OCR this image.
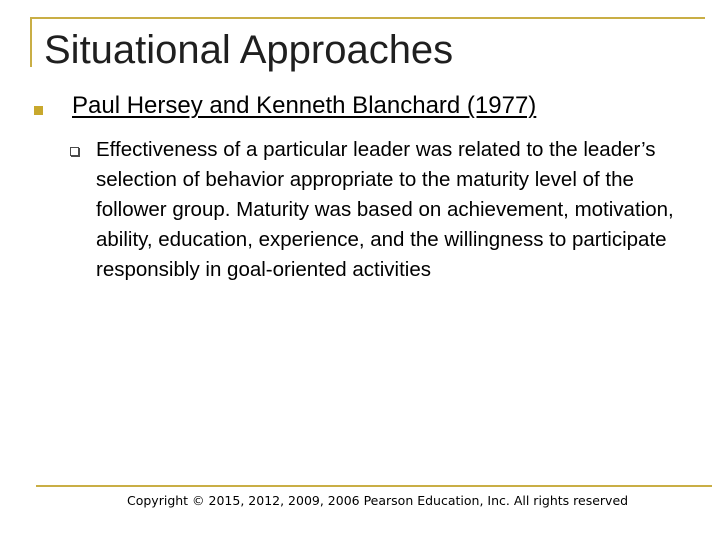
Situational Approaches
Paul Hersey and Kenneth Blanchard (1977)

Effectiveness of a particular leader was related to the leader’s selection of behavior appropriate to the maturity level of the follower group. Maturity was based on achievement, motivation, ability, education, experience, and the willingness to participate responsibly in goal-oriented activities

Copyright © 2015, 2012, 2009, 2006 Pearson Education, Inc. All rights reserved
